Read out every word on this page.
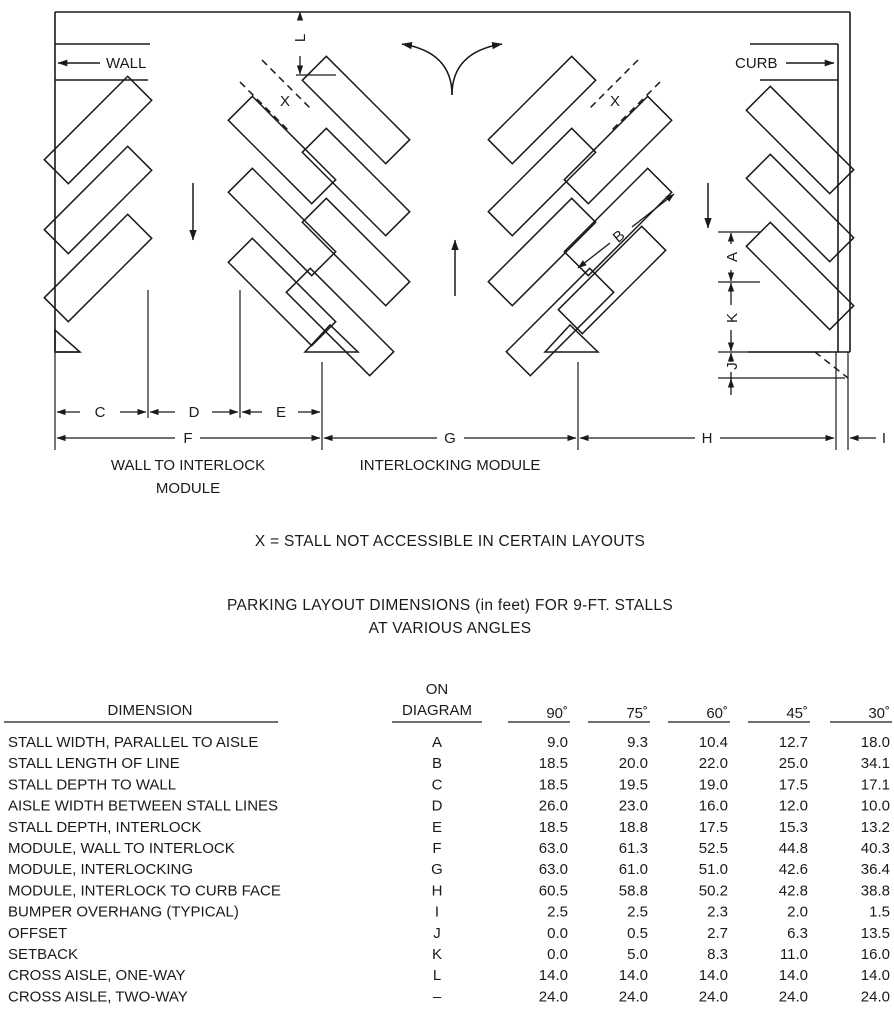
WALL	CURB
X	X
L
B
A
K
J
C	D	E
F	G	H	I
WALL TO INTERLOCK
MODULE
INTERLOCKING MODULE
X = STALL NOT ACCESSIBLE IN CERTAIN LAYOUTS
PARKING LAYOUT DIMENSIONS (in feet) FOR 9-FT. STALLS
AT VARIOUS ANGLES
DIMENSION
ON
DIAGRAM	90˚	75˚	60˚	45˚	30˚
STALL WIDTH, PARALLEL TO AISLE	A	9.0	9.3	10.4	12.7	18.0
STALL LENGTH OF LINE	B	18.5	20.0	22.0	25.0	34.1
STALL DEPTH TO WALL	C	18.5	19.5	19.0	17.5	17.1
AISLE WIDTH BETWEEN STALL LINES	D	26.0	23.0	16.0	12.0	10.0
STALL DEPTH, INTERLOCK	E	18.5	18.8	17.5	15.3	13.2
MODULE, WALL TO INTERLOCK	F	63.0	61.3	52.5	44.8	40.3
MODULE, INTERLOCKING	G	63.0	61.0	51.0	42.6	36.4
MODULE, INTERLOCK TO CURB FACE	H	60.5	58.8	50.2	42.8	38.8
BUMPER OVERHANG (TYPICAL)	I	2.5	2.5	2.3	2.0	1.5
OFFSET	J	0.0	0.5	2.7	6.3	13.5
SETBACK	K	0.0	5.0	8.3	11.0	16.0
CROSS AISLE, ONE-WAY	L	14.0	14.0	14.0	14.0	14.0
CROSS AISLE, TWO-WAY	–	24.0	24.0	24.0	24.0	24.0
